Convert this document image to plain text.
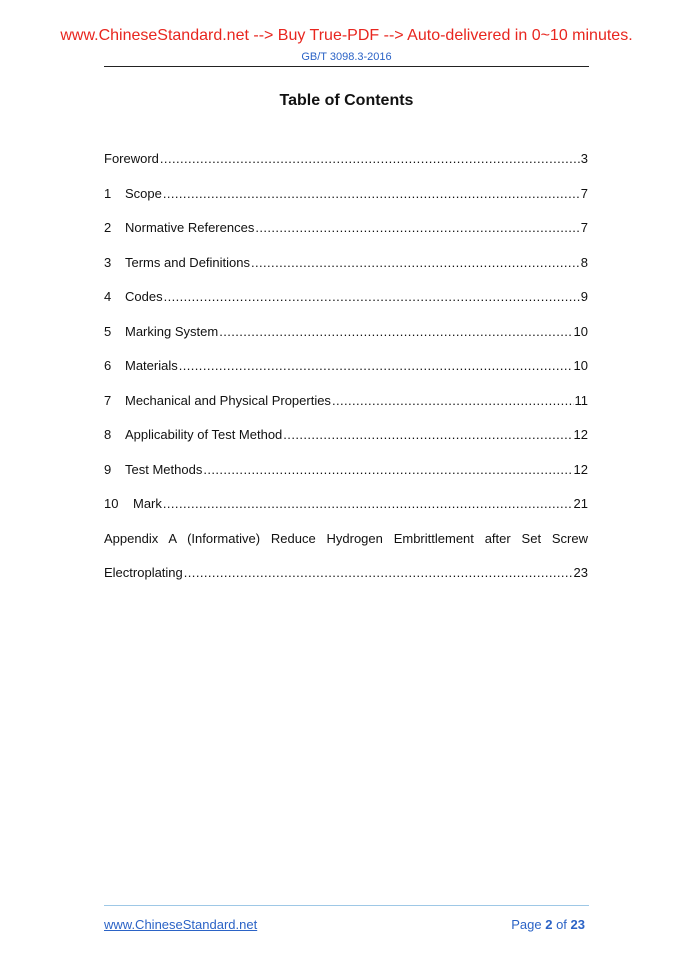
www.ChineseStandard.net --> Buy True-PDF --> Auto-delivered in 0~10 minutes.
GB/T 3098.3-2016
Table of Contents
Foreword .....	3
1	Scope .....	7
2	Normative References .....	7
3	Terms and Definitions .....	8
4	Codes .....	9
5	Marking System .....	10
6	Materials .....	10
7	Mechanical and Physical Properties .....	11
8	Applicability of Test Method .....	12
9	Test Methods .....	12
10	Mark .....	21
Appendix A (Informative) Reduce Hydrogen Embrittlement after Set Screw
Electroplating .....	23
www.ChineseStandard.net	Page 2 of 23
